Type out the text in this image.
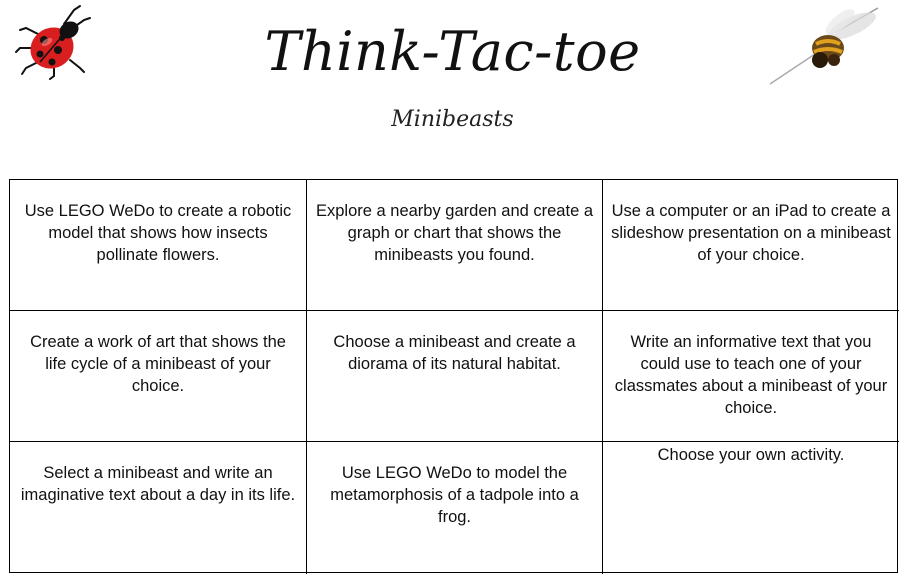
Think-Tac-toe
Minibeasts
Use LEGO WeDo to create a robotic model that shows how insects pollinate flowers.
Explore a nearby garden and create a graph or chart that shows the minibeasts you found.
Use a computer or an iPad to create a slideshow presentation on a minibeast of your choice.
Create a work of art that shows the life cycle of a minibeast of your choice.
Choose a minibeast and create a diorama of its natural habitat.
Write an informative text that you could use to teach one of your classmates about a minibeast of your choice.
Select a minibeast and write an imaginative text about a day in its life.
Use LEGO WeDo to model the metamorphosis of a tadpole into a frog.
Choose your own activity.
